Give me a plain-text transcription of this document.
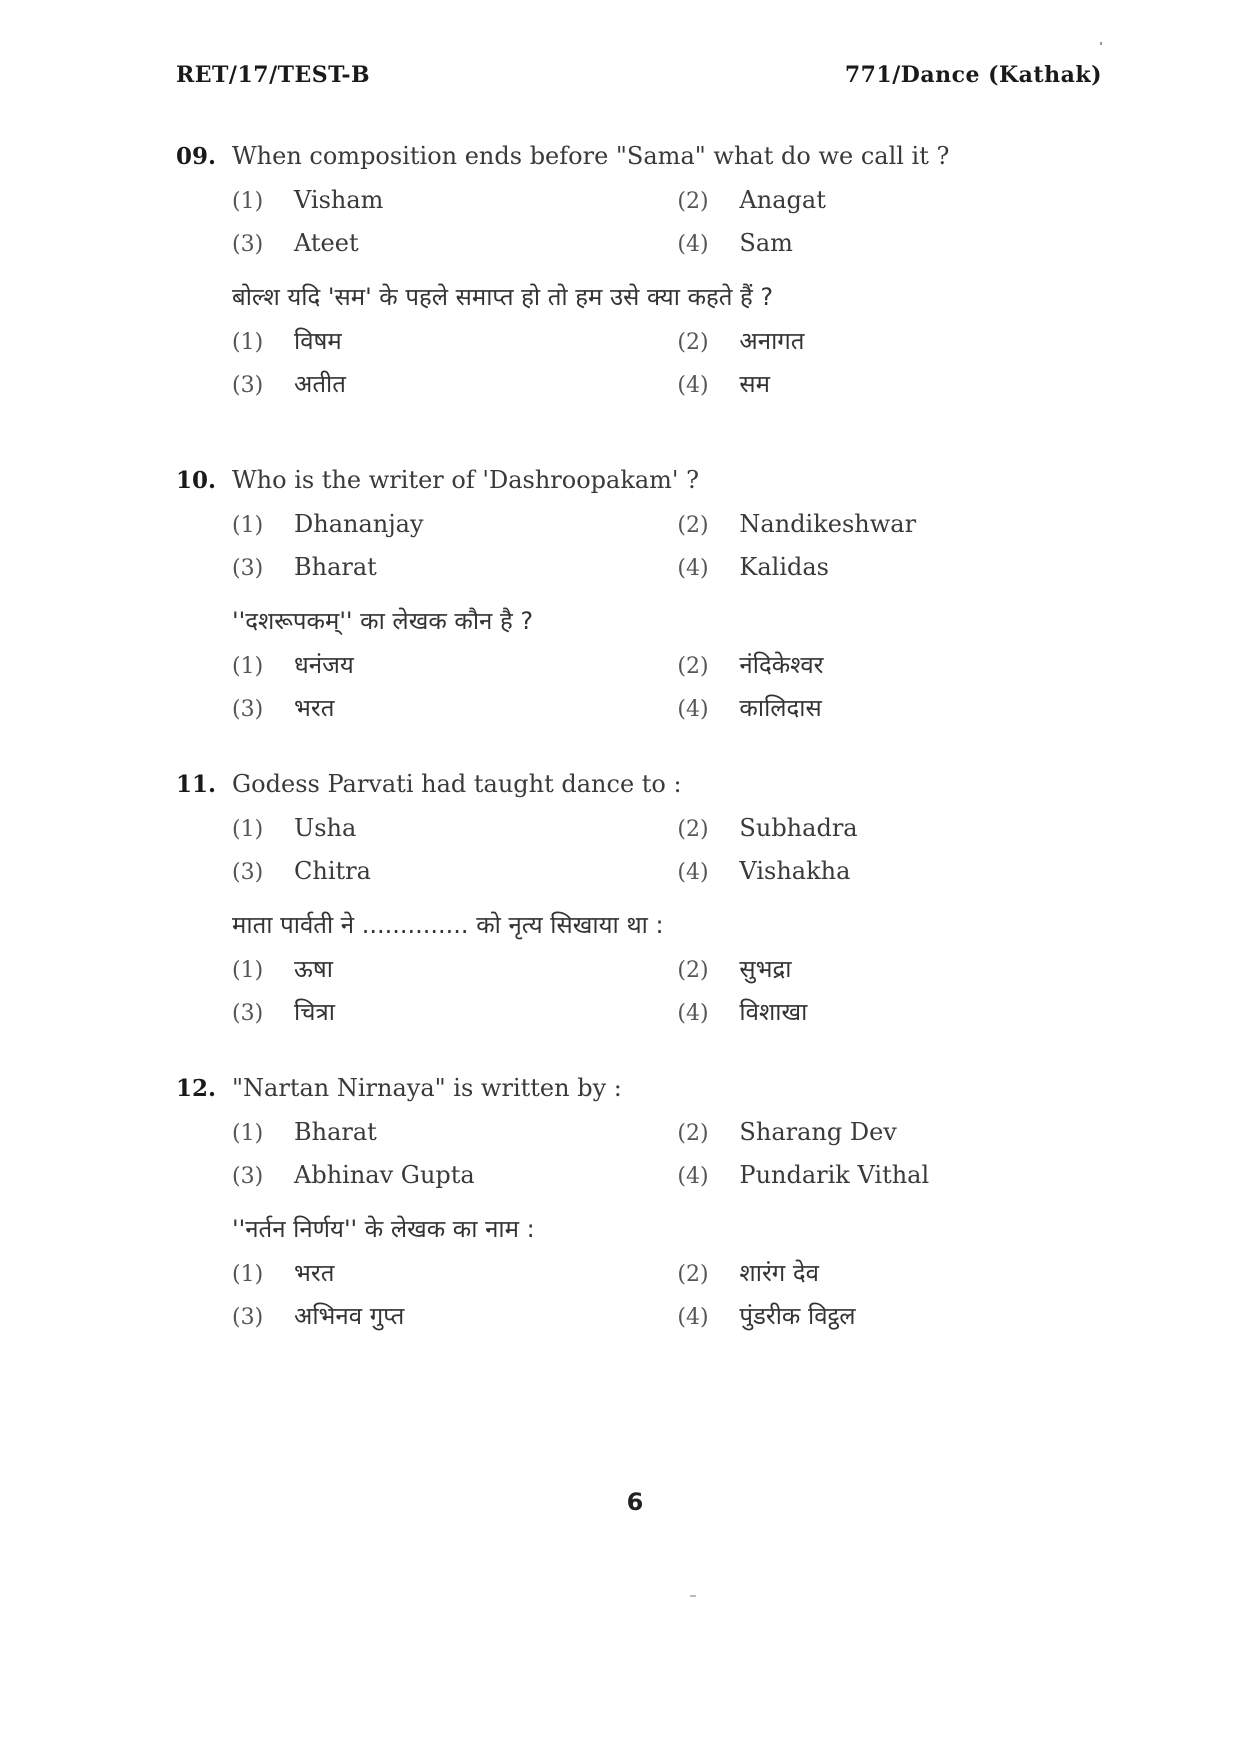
RET/17/TEST-B	771/Dance (Kathak)
09. When composition ends before "Sama" what do we call it ?
(1)	Visham	(2)	Anagat
(3)	Ateet	(4)	Sam
बोल्श यदि 'सम' के पहले समाप्त हो तो हम उसे क्या कहते हैं ?
(1)	विषम	(2)	अनागत
(3)	अतीत	(4)	सम
10. Who is the writer of 'Dashroopakam' ?
(1)	Dhananjay	(2)	Nandikeshwar
(3)	Bharat	(4)	Kalidas
''दशरूपकम्'' का लेखक कौन है ?
(1)	धनंजय	(2)	नंदिकेश्वर
(3)	भरत	(4)	कालिदास
11. Godess Parvati had taught dance to :
(1)	Usha	(2)	Subhadra
(3)	Chitra	(4)	Vishakha
माता पार्वती ने .............. को नृत्य सिखाया था :
(1)	ऊषा	(2)	सुभद्रा
(3)	चित्रा	(4)	विशाखा
12. "Nartan Nirnaya" is written by :
(1)	Bharat	(2)	Sharang Dev
(3)	Abhinav Gupta	(4)	Pundarik Vithal
''नर्तन निर्णय'' के लेखक का नाम :
(1)	भरत	(2)	शारंग देव
(3)	अभिनव गुप्त	(4)	पुंडरीक विट्ठल
6
